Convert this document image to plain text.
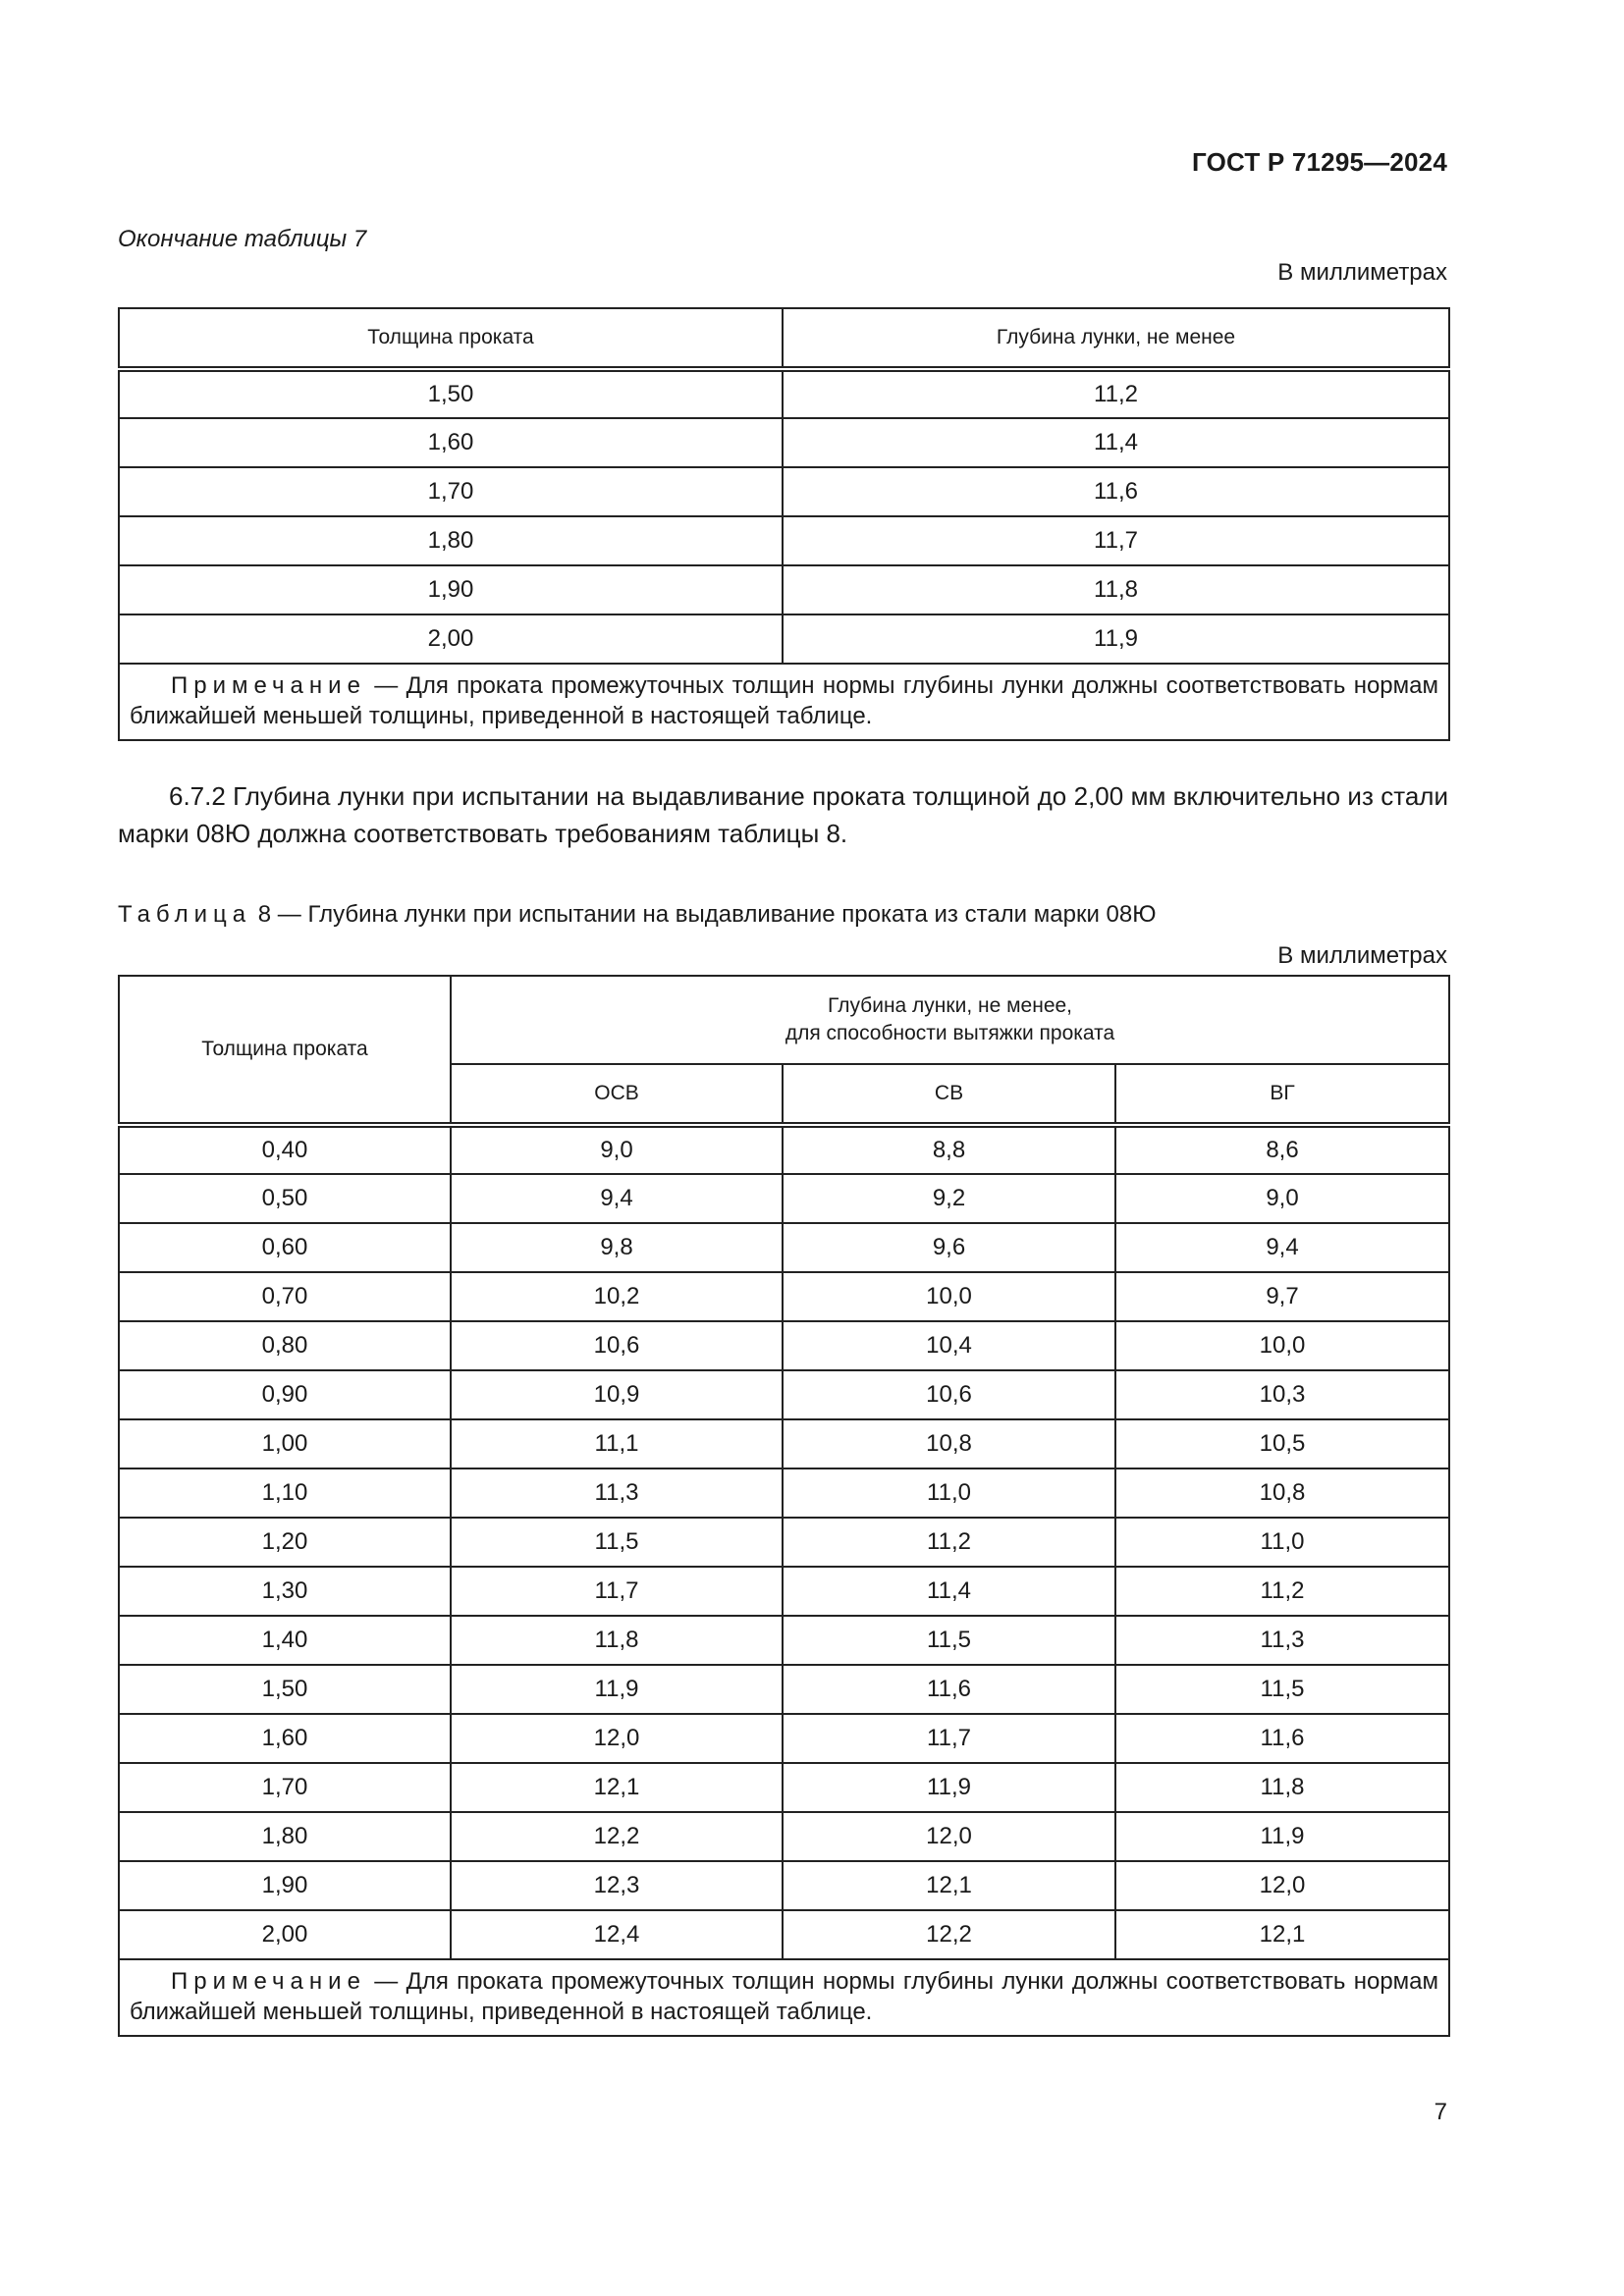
ГОСТ Р 71295—2024
Окончание таблицы 7
В миллиметрах
Толщина проката	Глубина лунки, не менее
1,50	11,2
1,60	11,4
1,70	11,6
1,80	11,7
1,90	11,8
2,00	11,9
Примечание — Для проката промежуточных толщин нормы глубины лунки должны соответствовать нормам ближайшей меньшей толщины, приведенной в настоящей таблице.	
6.7.2 Глубина лунки при испытании на выдавливание проката толщиной до 2,00 мм включительно из стали марки 08Ю должна соответствовать требованиям таблицы 8.
Таблица 8 — Глубина лунки при испытании на выдавливание проката из стали марки 08Ю
В миллиметрах
Толщина проката	Глубина лунки, не менее,
для способности вытяжки проката		
	ОСВ	СВ	ВГ
0,40	9,0	8,8	8,6
0,50	9,4	9,2	9,0
0,60	9,8	9,6	9,4
0,70	10,2	10,0	9,7
0,80	10,6	10,4	10,0
0,90	10,9	10,6	10,3
1,00	11,1	10,8	10,5
1,10	11,3	11,0	10,8
1,20	11,5	11,2	11,0
1,30	11,7	11,4	11,2
1,40	11,8	11,5	11,3
1,50	11,9	11,6	11,5
1,60	12,0	11,7	11,6
1,70	12,1	11,9	11,8
1,80	12,2	12,0	11,9
1,90	12,3	12,1	12,0
2,00	12,4	12,2	12,1
Примечание — Для проката промежуточных толщин нормы глубины лунки должны соответствовать нормам ближайшей меньшей толщины, приведенной в настоящей таблице.			
7
